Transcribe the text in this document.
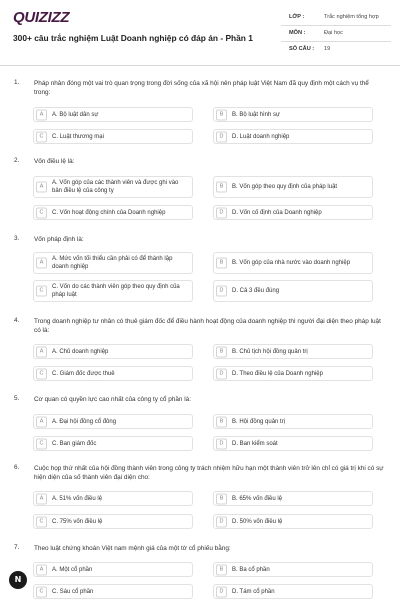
QUIZIZZ
300+ câu trắc nghiệm Luật Doanh nghiệp có đáp án - Phần 1
LỚP :	Trắc nghiệm tổng hợp
MÔN :	Đại học
SỐ CÂU : 19
1. Pháp nhân đóng một vai trò quan trọng trong đời sống của xã hội nên pháp luật Việt Nam đã quy định một cách vụ thể trong:
A	A. Bộ luật dân sự	B	B. Bộ luật hình sự
C	C. Luật thương mại	D	D. Luật doanh nghiệp
2. Vốn điều lệ là:
A
A. Vốn góp của các thành viên và được ghi vào bản điều lệ của công ty
B	B. Vốn góp theo quy định của pháp luật
C	C. Vốn hoạt động chính của Doanh nghiệp	D	D. Vốn cố định của Doanh nghiệp
3. Vốn pháp định là:
A
A. Mức vốn tối thiểu cần phải có để thành lập doanh nghiệp
B	B. Vốn góp của nhà nước vào doanh nghiệp
C
C. Vốn do các thành viên góp theo quy định của pháp luật
D	D. Cả 3 đều đúng
4. Trong doanh nghiệp tư nhân có thuê giám đốc để điều hành hoạt động của doanh nghiệp thì người đại diện theo pháp luật có là:
A	A. Chủ doanh nghiệp	B	B. Chủ tịch hội đồng quản trị
C	C. Giám đốc được thuê	D	D. Theo điều lệ của Doanh nghiệp
5. Cơ quan có quyền lực cao nhất của công ty cổ phần là:
A	A. Đại hội đồng cổ đông	B	B. Hội đồng quản trị
C	C. Ban giám đốc	D	D. Ban kiểm soát
6. Cuộc họp thứ nhất của hội đồng thành viên trong công ty trách nhiệm hữu hạn một thành viên trở lên chỉ có giá trị khi có sự hiện diện của số thành viên đại diện cho:
A	A. 51% vốn điều lệ	B	B. 65% vốn điều lệ
C	C. 75% vốn điều lệ	D	D. 50% vốn điều lệ
7. Theo luật chứng khoán Việt nam mệnh giá của một tờ cổ phiếu bằng:
A	A. Một cổ phần	B	B. Ba cổ phần
C	C. Sáu cổ phần	D	D. Tám cổ phần
N
